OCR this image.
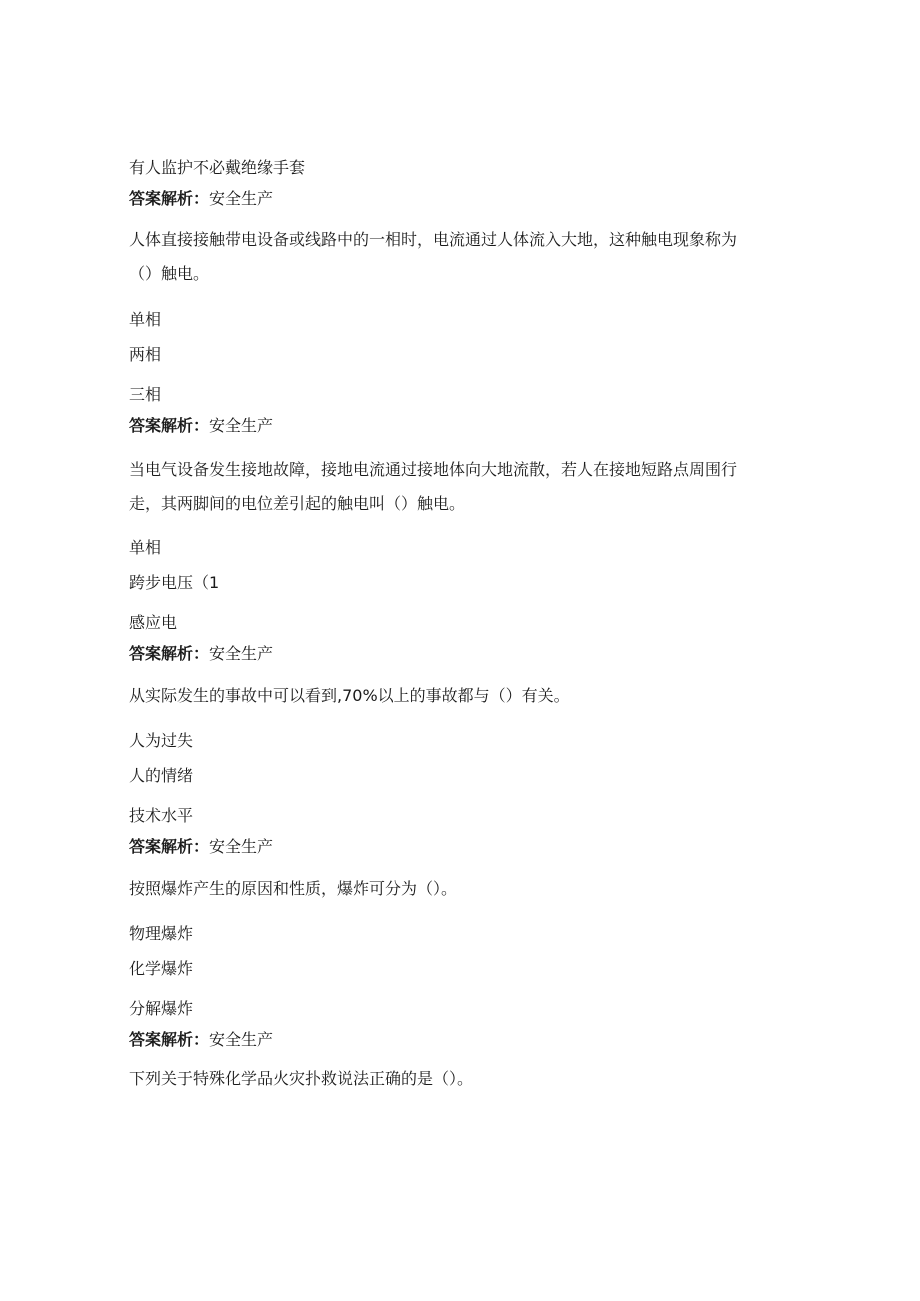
有人监护不必戴绝缘手套
答案解析：安全生产
人体直接接触带电设备或线路中的一相时，电流通过人体流入大地，这种触电现象称为
（）触电。
单相
两相
三相
答案解析：安全生产
当电气设备发生接地故障，接地电流通过接地体向大地流散，若人在接地短路点周围行
走，其两脚间的电位差引起的触电叫（）触电。
单相
跨步电压（1
感应电
答案解析：安全生产
从实际发生的事故中可以看到,70%以上的事故都与（）有关。
人为过失
人的情绪
技术水平
答案解析：安全生产
按照爆炸产生的原因和性质，爆炸可分为（）。
物理爆炸
化学爆炸
分解爆炸
答案解析：安全生产
下列关于特殊化学品火灾扑救说法正确的是（）。
